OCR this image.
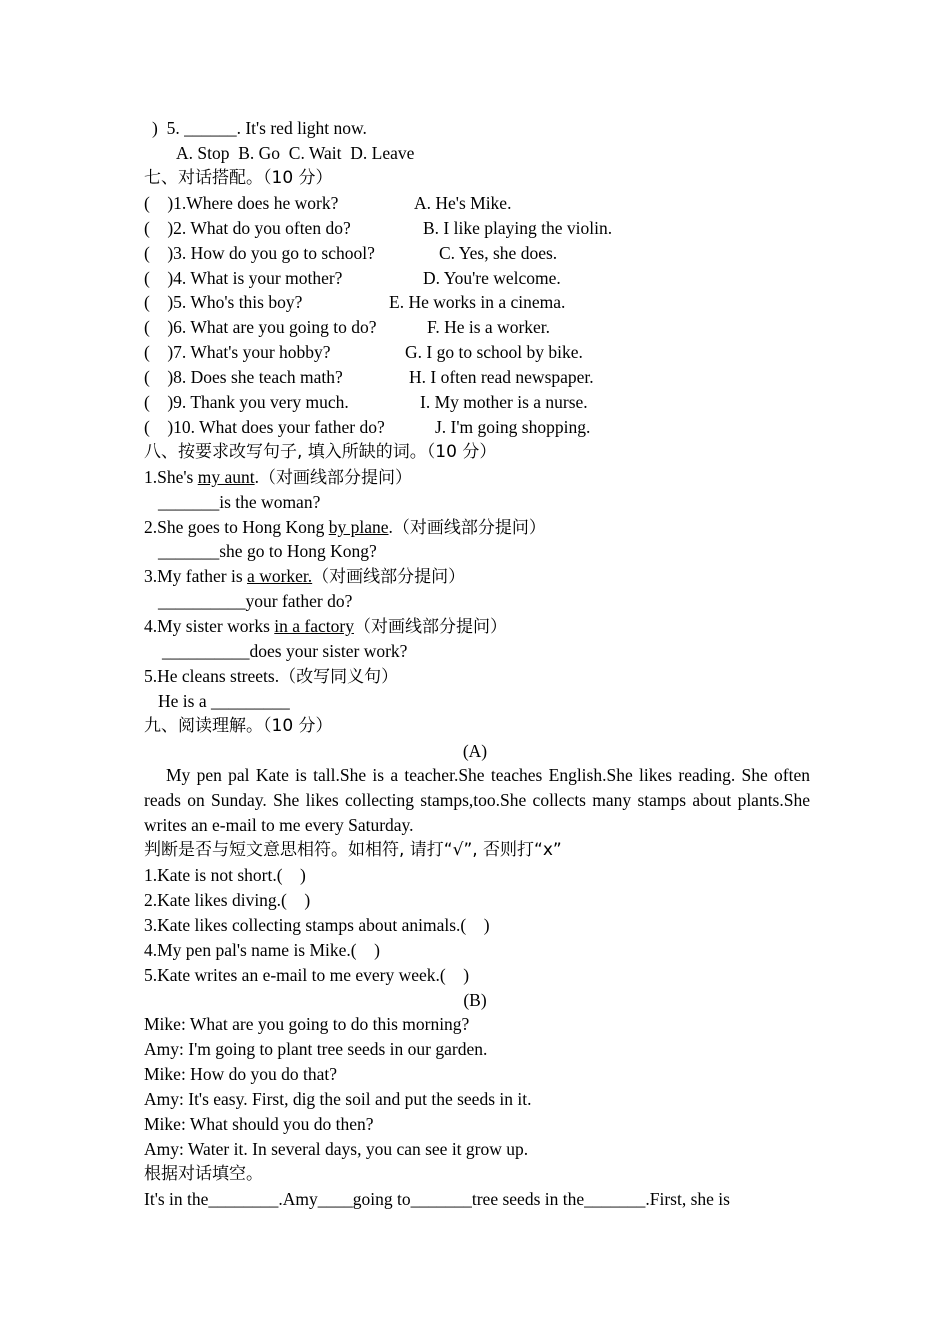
)  5. ______. It's red light now.
A. Stop  B. Go  C. Wait  D. Leave
七、对话搭配。（10 分）
(    )1.Where does he work?	A. He's Mike.
(    )2. What do you often do?	B. I like playing the violin.
(    )3. How do you go to school?	C. Yes, she does.
(    )4. What is your mother?	D. You're welcome.
(    )5. Who's this boy?	E. He works in a cinema.
(    )6. What are you going to do?	F. He is a worker.
(    )7. What's your hobby?	G. I go to school by bike.
(    )8. Does she teach math?	H. I often read newspaper.
(    )9. Thank you very much.	I. My mother is a nurse.
(    )10. What does your father do?	J. I'm going shopping.
八、按要求改写句子, 填入所缺的词。（10 分）
1.She's my aunt.（对画线部分提问）
_______is the woman?
2.She goes to Hong Kong by plane.（对画线部分提问）
_______she go to Hong Kong?
3.My father is a worker.（对画线部分提问）
__________your father do?
4.My sister works in a factory（对画线部分提问）
__________does your sister work?
5.He cleans streets.（改写同义句）
He is a _________
九、阅读理解。（10 分）
(A)
My pen pal Kate is tall.She is a teacher.She teaches English.She likes reading. She often reads on Sunday. She likes collecting stamps,too.She collects many stamps about plants.She writes an e-mail to me every Saturday.
判断是否与短文意思相符。如相符, 请打“√”, 否则打“x”
1.Kate is not short.(    )
2.Kate likes diving.(    )
3.Kate likes collecting stamps about animals.(    )
4.My pen pal's name is Mike.(    )
5.Kate writes an e-mail to me every week.(    )
(B)
Mike: What are you going to do this morning?
Amy: I'm going to plant tree seeds in our garden.
Mike: How do you do that?
Amy: It's easy. First, dig the soil and put the seeds in it.
Mike: What should you do then?
Amy: Water it. In several days, you can see it grow up.
根据对话填空。
It's in the________.Amy____going to_______tree seeds in the_______.First, she is
